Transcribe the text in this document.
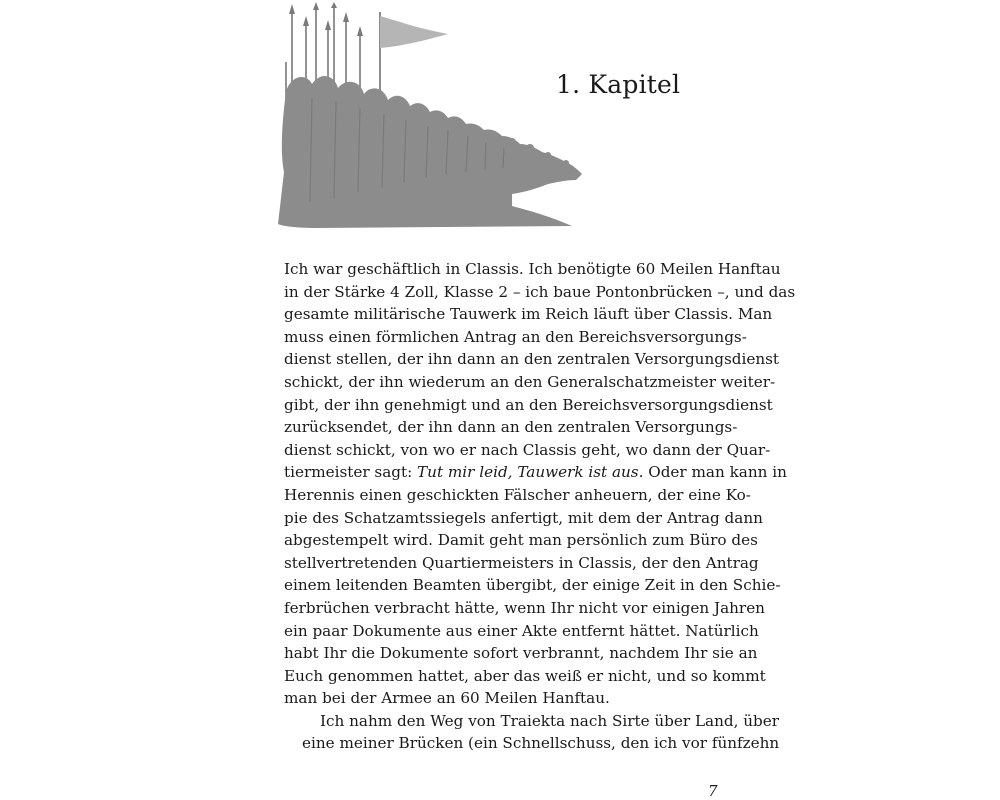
1. Kapitel

Ich war geschäftlich in Classis. Ich benötigte 60 Meilen Hanftau
in der Stärke 4 Zoll, Klasse 2 – ich baue Pontonbrücken –, und das
gesamte militärische Tauwerk im Reich läuft über Classis. Man
muss einen förmlichen Antrag an den Bereichsversorgungs-
dienst stellen, der ihn dann an den zentralen Versorgungsdienst
schickt, der ihn wiederum an den Generalschatzmeister weiter-
gibt, der ihn genehmigt und an den Bereichsversorgungsdienst
zurücksendet, der ihn dann an den zentralen Versorgungs-
dienst schickt, von wo er nach Classis geht, wo dann der Quar-
tiermeister sagt: Tut mir leid, Tauwerk ist aus. Oder man kann in
Herennis einen geschickten Fälscher anheuern, der eine Ko-
pie des Schatzamtssiegels anfertigt, mit dem der Antrag dann
abgestempelt wird. Damit geht man persönlich zum Büro des
stellvertretenden Quartiermeisters in Classis, der den Antrag
einem leitenden Beamten übergibt, der einige Zeit in den Schie-
ferbrüchen verbracht hätte, wenn Ihr nicht vor einigen Jahren
ein paar Dokumente aus einer Akte entfernt hättet. Natürlich
habt Ihr die Dokumente sofort verbrannt, nachdem Ihr sie an
Euch genommen hattet, aber das weiß er nicht, und so kommt
man bei der Armee an 60 Meilen Hanftau.

Ich nahm den Weg von Traiekta nach Sirte über Land, über
eine meiner Brücken (ein Schnellschuss, den ich vor fünfzehn

7
